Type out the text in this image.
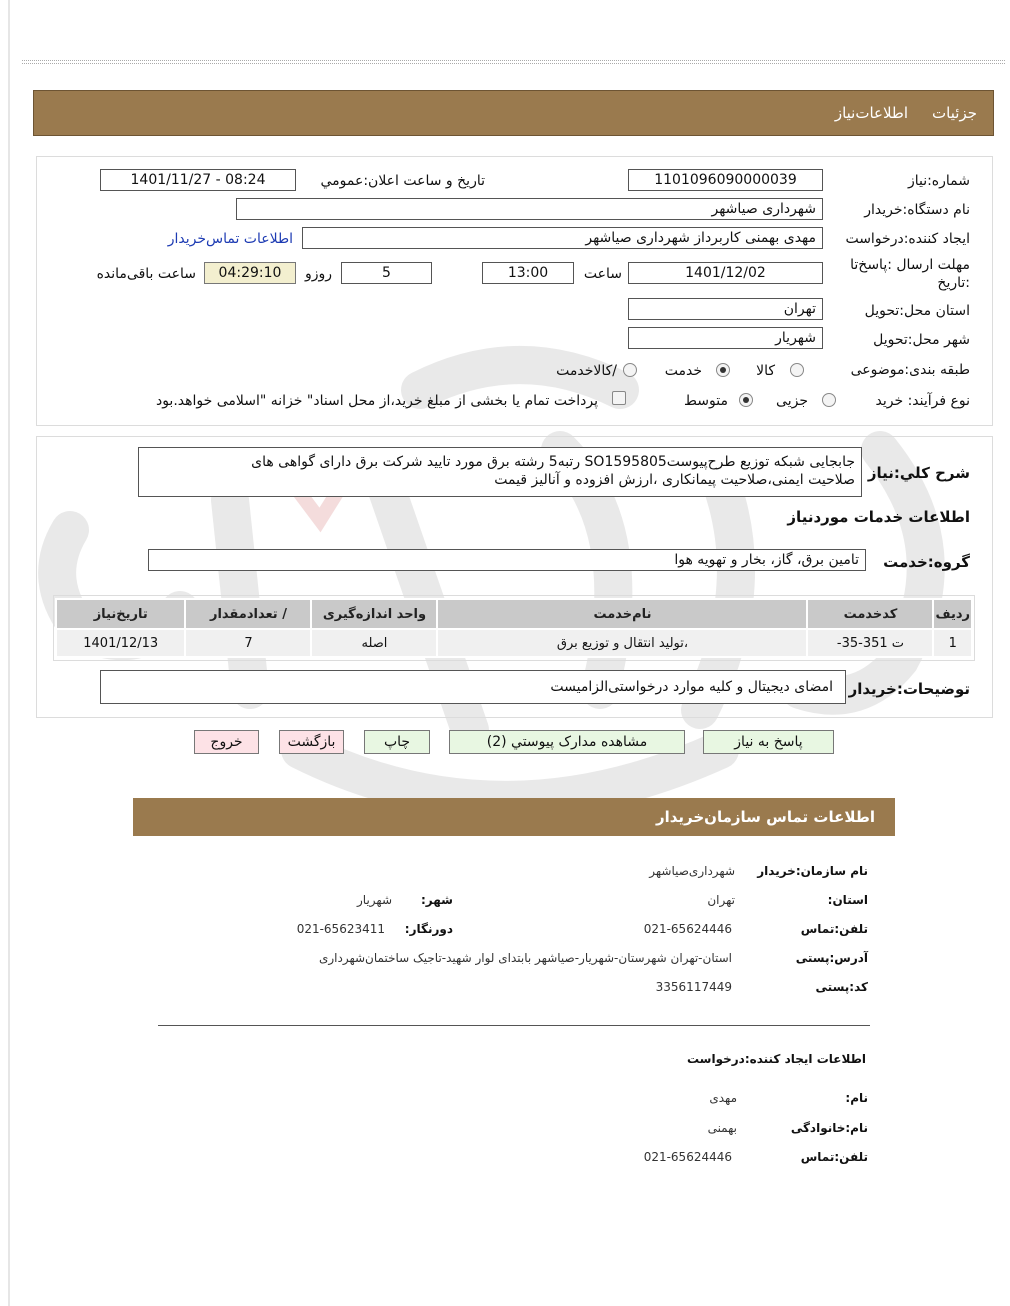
جزئیات
اطلاعات‌نیاز
شماره:نیاز
1101096090000039
تاریخ و ساعت اعلان:عمومي
1401/11/27 - 08:24
نام دستگاه:خریدار
شهرداری صیاشهر
ایجاد کننده:درخواست
مهدی بهمنی کاربرداز شهرداری صیاشهر
اطلاعات تماس‌خریدار
مهلت ارسال :پاسخ‌تا
:تاریخ
1401/12/02
ساعت
13:00
5
روزو
04:29:10
ساعت باقی‌مانده
استان محل:تحویل
تهران
شهر محل:تحویل
شهریار
طبقه بندی:موضوعی
کالا
خدمت
/کالاخدمت
نوع فرآیند: خرید
جزیی
متوسط
پرداخت تمام یا بخشی از مبلغ خرید،از محل اسناد" خزانه "اسلامی خواهد.بود
شرح کلي:نیاز
جابجایی شبکه توزیع طرح‌پیوستSO1595805 رتبه5 رشته برق مورد تایید شرکت برق دارای گواهی های
صلاحیت ایمنی،صلاحیت پیمانکاری ،ارزش افزوده و آنالیز قیمت
اطلاعات خدمات موردنیاز
گروه:خدمت
تامین برق، گاز، بخار و تهویه هوا
ردیف	کدخدمت	نام‌خدمت	واحد اندازه‌گیری	/ تعدادمقدار	تاریخ‌نیاز
1	ت 351-35-	،تولید انتقال و توزیع برق	اصله	7	1401/12/13
توضیحات:خریدار
امضای دیجیتال و کلیه موارد درخواستی‌الزامیست
پاسخ به نیاز
مشاهده مدارک پیوستي (2)
چاپ
بازگشت
خروج
اطلاعات تماس سازمان‌خریدار
نام سازمان:خریدار
شهرداری‌صیاشهر
استان:
تهران
شهر:
شهریار
تلفن:تماس
021-65624446
دورنگار:
021-65623411
آدرس:پستی
استان-تهران شهرستان-شهریار-صیاشهر بابتدای لوار شهید-تاجیک ساختمان‌شهرداری
کد:پستی
3356117449
اطلاعات ایجاد کننده:درخواست
نام:
مهدی
نام:خانوادگی
بهمنی
تلفن:تماس
021-65624446
